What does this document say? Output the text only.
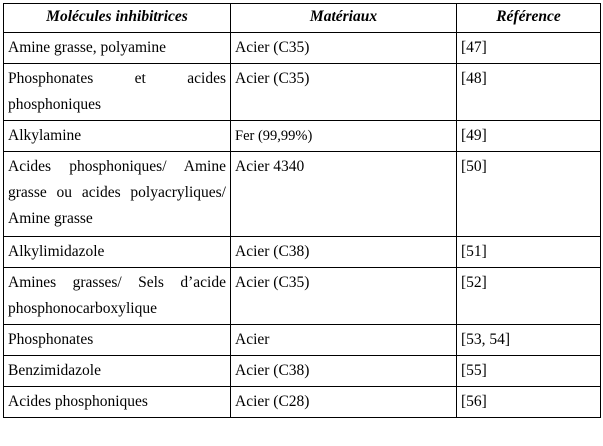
Molécules inhibitrices	Matériaux	Référence
Amine grasse, polyamine	Acier (C35)	[47]
Phosphonates et acides phosphoniques	Acier (C35)	[48]
Alkylamine	Fer (99,99%)	[49]
Acides phosphoniques/ Amine grasse ou acides polyacryliques/ Amine grasse	Acier 4340	[50]
Alkylimidazole	Acier (C38)	[51]
Amines grasses/ Sels d’acide phosphonocarboxylique	Acier (C35)	[52]
Phosphonates	Acier	[53, 54]
Benzimidazole	Acier (C38)	[55]
Acides phosphoniques	Acier (C28)	[56]
